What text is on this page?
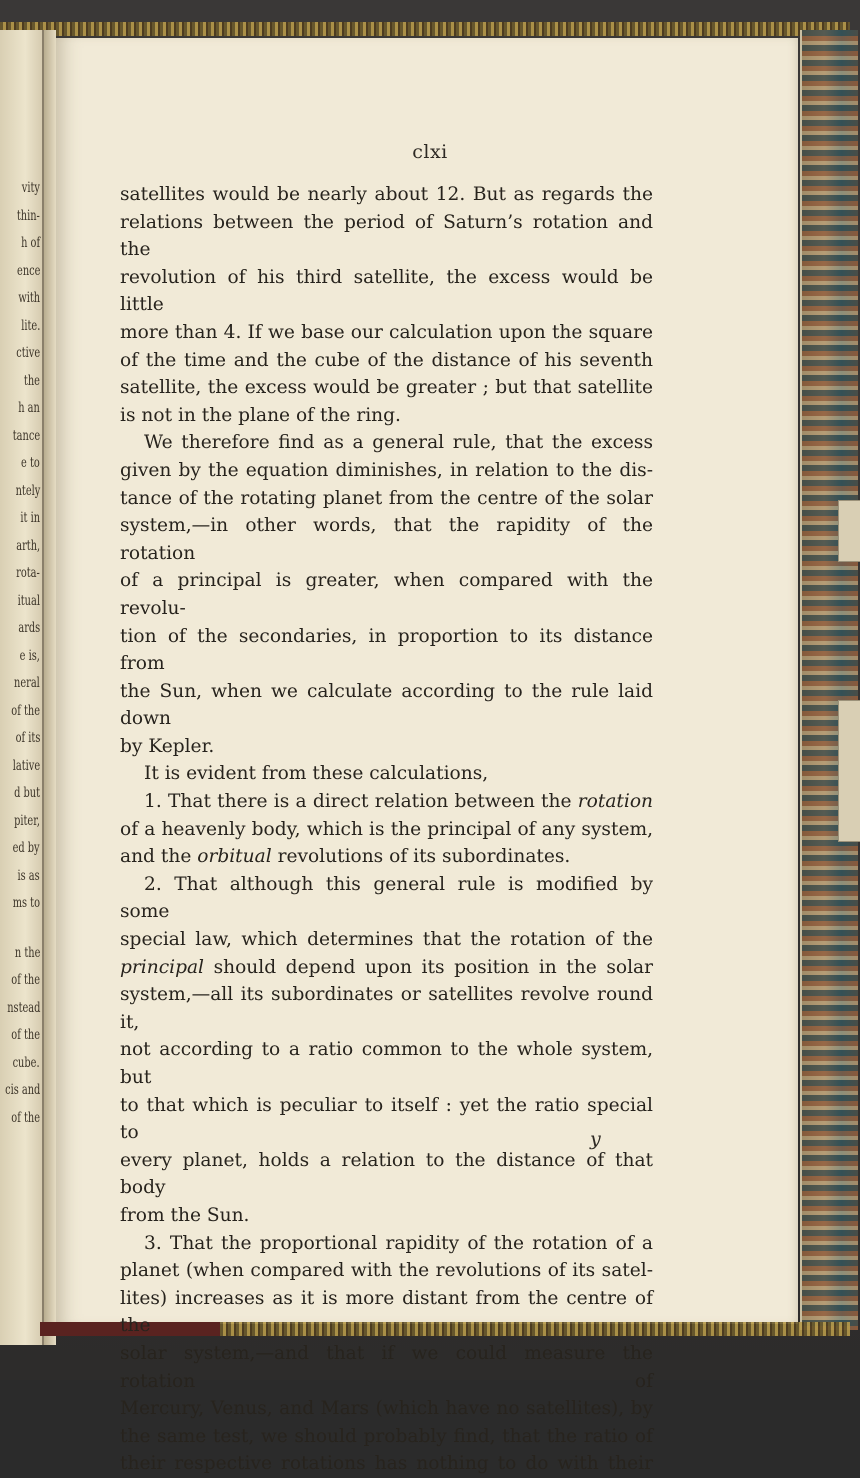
vity
thin-
h of
ence
with
lite.
ctive
the
h an
tance
e to
ntely
it in
arth,
rota-
itual
ards
e is,
neral
of the
of its
lative
d but
piter,
ed by
is as
ms to
n the
of the
nstead
of the
cube.
cis and
of the
clxi

satellites would be nearly about 12. But as regards the

relations between the period of Saturn’s rotation and the

revolution of his third satellite, the excess would be little

more than 4. If we base our calculation upon the square

of the time and the cube of the distance of his seventh

satellite, the excess would be greater ; but that satellite

is not in the plane of the ring.

We therefore find as a general rule, that the excess

given by the equation diminishes, in relation to the dis-

tance of the rotating planet from the centre of the solar

system,—in other words, that the rapidity of the rotation

of a principal is greater, when compared with the revolu-

tion of the secondaries, in proportion to its distance from

the Sun, when we calculate according to the rule laid down

by Kepler.

It is evident from these calculations,

1. That there is a direct relation between the rotation

of a heavenly body, which is the principal of any system,

and the orbitual revolutions of its subordinates.

2. That although this general rule is modified by some

special law, which determines that the rotation of the

principal should depend upon its position in the solar

system,—all its subordinates or satellites revolve round it,

not according to a ratio common to the whole system, but

to that which is peculiar to itself : yet the ratio special to

every planet, holds a relation to the distance of that body

from the Sun.

3. That the proportional rapidity of the rotation of a

planet (when compared with the revolutions of its satel-

lites) increases as it is more distant from the centre of the

solar system,—and that if we could measure the rotation of

Mercury, Venus, and Mars (which have no satellites), by

the same test, we should probably find, that the ratio of

their respective rotations has nothing to do with their

y
